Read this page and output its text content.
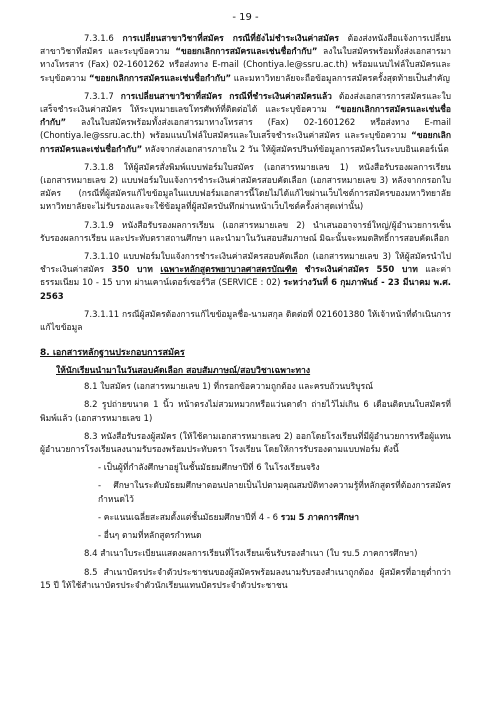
- 19 -

7.3.1.6 การเปลี่ยนสาขาวิชาที่สมัคร กรณีที่ยังไม่ชำระเงินค่าสมัคร ต้องส่งหนังสือแจ้งการเปลี่ยนสาขาวิชาที่สมัคร และระบุข้อความ “ขอยกเลิกการสมัครและเช่นชื่อกำกับ” ลงในใบสมัครพร้อมทั้งส่งเอกสารมาทางโทรสาร (Fax) 02-1601262 หรือส่งทาง E-mail (Chontiya.le@ssru.ac.th) พร้อมแนบไฟล์ใบสมัครและระบุข้อความ “ขอยกเลิกการสมัครและเช่นชื่อกำกับ” และมหาวิทยาลัยจะถือข้อมูลการสมัครครั้งสุดท้ายเป็นสำคัญ

7.3.1.7 การเปลี่ยนสาขาวิชาที่สมัคร กรณีที่ชำระเงินค่าสมัครแล้ว ต้องส่งเอกสารการสมัครและใบเสร็จชำระเงินค่าสมัคร ให้ระบุหมายเลขโทรศัพท์ที่ติดต่อได้ และระบุข้อความ “ขอยกเลิกการสมัครและเช่นชื่อกำกับ” ลงในใบสมัครพร้อมทั้งส่งเอกสารมาทางโทรสาร (Fax) 02-1601262 หรือส่งทาง E-mail (Chontiya.le@ssru.ac.th) พร้อมแนบไฟล์ใบสมัครและใบเสร็จชำระเงินค่าสมัคร และระบุข้อความ “ขอยกเลิกการสมัครและเช่นชื่อกำกับ” หลังจากส่งเอกสารภายใน 2 วัน ให้ผู้สมัครปรินท์ข้อมูลการสมัครในระบบอินเตอร์เน็ต

7.3.1.8 ให้ผู้สมัครสั่งพิมพ์แบบฟอร์มใบสมัคร (เอกสารหมายเลข 1) หนังสือรับรองผลการเรียน (เอกสารหมายเลข 2) แบบฟอร์มใบแจ้งการชำระเงินค่าสมัครสอบคัดเลือก (เอกสารหมายเลข 3) หลังจากกรอกใบสมัคร (กรณีที่ผู้สมัครแก้ไขข้อมูลในแบบฟอร์มเอกสารนี้โดยไม่ได้แก้ไขผ่านเว็บไซต์การสมัครของมหาวิทยาลัย มหาวิทยาลัยจะไม่รับรองและจะใช้ข้อมูลที่ผู้สมัครบันทึกผ่านหน้าเว็บไซต์ครั้งล่าสุดเท่านั้น)

7.3.1.9 หนังสือรับรองผลการเรียน (เอกสารหมายเลข 2) นำเสนออาจารย์ใหญ่/ผู้อำนวยการเซ็นรับรองผลการเรียน และประทับตราสถานศึกษา และนำมาในวันสอบสัมภาษณ์ มิฉะนั้นจะหมดสิทธิ์การสอบคัดเลือก

7.3.1.10 แบบฟอร์มใบแจ้งการชำระเงินค่าสมัครสอบคัดเลือก (เอกสารหมายเลข 3) ให้ผู้สมัครนำไปชำระเงินค่าสมัคร 350 บาท เฉพาะหลักสูตรพยาบาลศาสตรบัณฑิต ชำระเงินค่าสมัคร 550 บาท และค่าธรรมเนียม 10 - 15 บาท ผ่านเคาน์เตอร์เซอร์วิส (SERVICE : 02) ระหว่างวันที่ 6 กุมภาพันธ์ - 23 มีนาคม พ.ศ. 2563

7.3.1.11 กรณีผู้สมัครต้องการแก้ไขข้อมูลชื่อ-นามสกุล ติดต่อที่ 021601380 ให้เจ้าหน้าที่ดำเนินการแก้ไขข้อมูล

8. เอกสารหลักฐานประกอบการสมัคร
ให้นักเรียนนำมาในวันสอบคัดเลือก สอบสัมภาษณ์/สอบวิชาเฉพาะทาง

8.1 ใบสมัคร (เอกสารหมายเลข 1) ที่กรอกข้อความถูกต้อง และครบถ้วนบริบูรณ์

8.2 รูปถ่ายขนาด 1 นิ้ว หน้าตรงไม่สวมหมวกหรือแว่นตาดำ ถ่ายไว้ไม่เกิน 6 เดือนติดบนใบสมัครที่พิมพ์แล้ว (เอกสารหมายเลข 1)

8.3 หนังสือรับรองผู้สมัคร (ให้ใช้ตามเอกสารหมายเลข 2) ออกโดยโรงเรียนที่มีผู้อำนวยการหรือผู้แทนผู้อำนวยการโรงเรียนลงนามรับรองพร้อมประทับตรา โรงเรียน โดยให้การรับรองตามแบบฟอร์ม ดังนี้

- เป็นผู้ที่กำลังศึกษาอยู่ในชั้นมัธยมศึกษาปีที่ 6 ในโรงเรียนจริง

- ศึกษาในระดับมัธยมศึกษาตอนปลายเป็นไปตามคุณสมบัติทางความรู้ที่หลักสูตรที่ต้องการสมัครกำหนดไว้

- คะแนนเฉลี่ยสะสมตั้งแต่ชั้นมัธยมศึกษาปีที่ 4 - 6 รวม 5 ภาคการศึกษา

- อื่นๆ ตามที่หลักสูตรกำหนด

8.4 สำเนาใบระเบียนแสดงผลการเรียนที่โรงเรียนเซ็นรับรองสำเนา (ใบ รบ.5 ภาคการศึกษา)

8.5 สำเนาบัตรประจำตัวประชาชนของผู้สมัครพร้อมลงนามรับรองสำเนาถูกต้อง ผู้สมัครที่อายุต่ำกว่า 15 ปี ให้ใช้สำเนาบัตรประจำตัวนักเรียนแทนบัตรประจำตัวประชาชน
